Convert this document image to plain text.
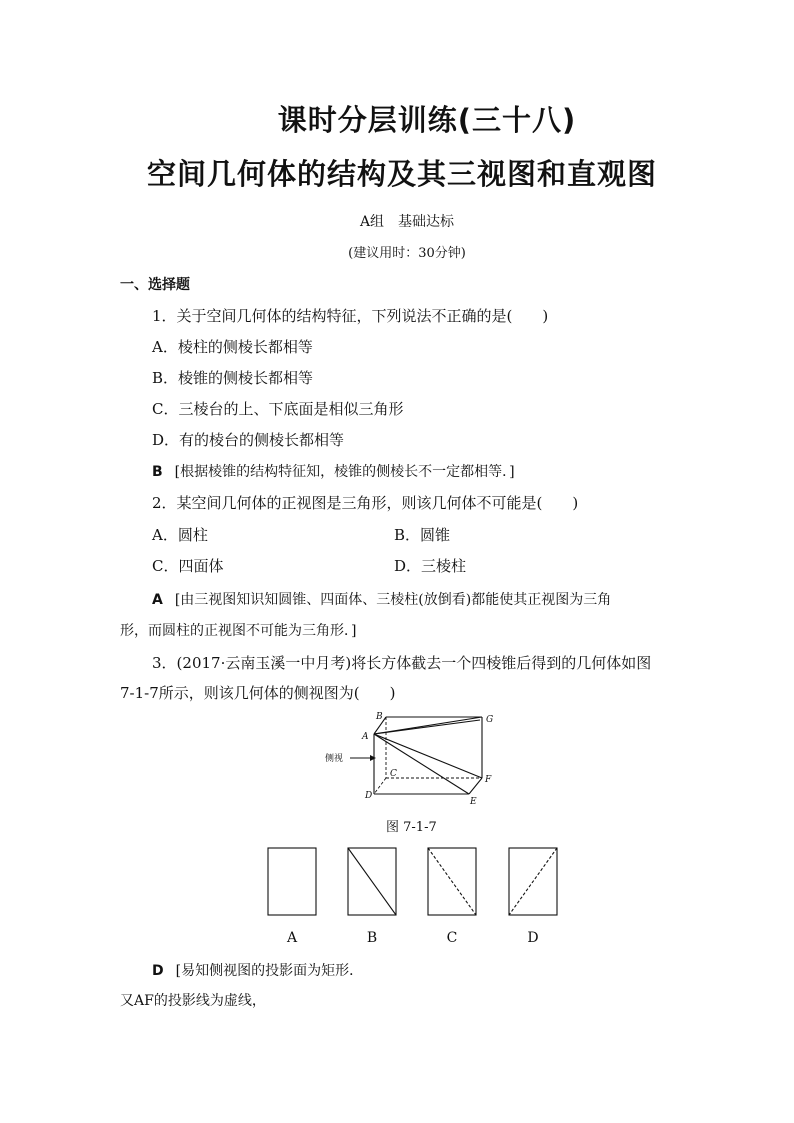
课时分层训练(三十八)
空间几何体的结构及其三视图和直观图
A组　基础达标
(建议用时：30分钟)
一、选择题
1．关于空间几何体的结构特征，下列说法不正确的是(　　)
A．棱柱的侧棱长都相等
B．棱锥的侧棱长都相等
C．三棱台的上、下底面是相似三角形
D．有的棱台的侧棱长都相等
B [根据棱锥的结构特征知，棱锥的侧棱长不一定都相等．]
2．某空间几何体的正视图是三角形，则该几何体不可能是(　　)
A．圆柱	B．圆锥
C．四面体	D．三棱柱
A [由三视图知识知圆锥、四面体、三棱柱(放倒看)都能使其正视图为三角
形，而圆柱的正视图不可能为三角形．]
3．(2017·云南玉溪一中月考)将长方体截去一个四棱锥后得到的几何体如图
7-1-7所示，则该几何体的侧视图为(　　)
B	G
A
C
F
D
E
侧视
图 7-1-7
A	B	C	D
D [易知侧视图的投影面为矩形．
又AF的投影线为虚线，
